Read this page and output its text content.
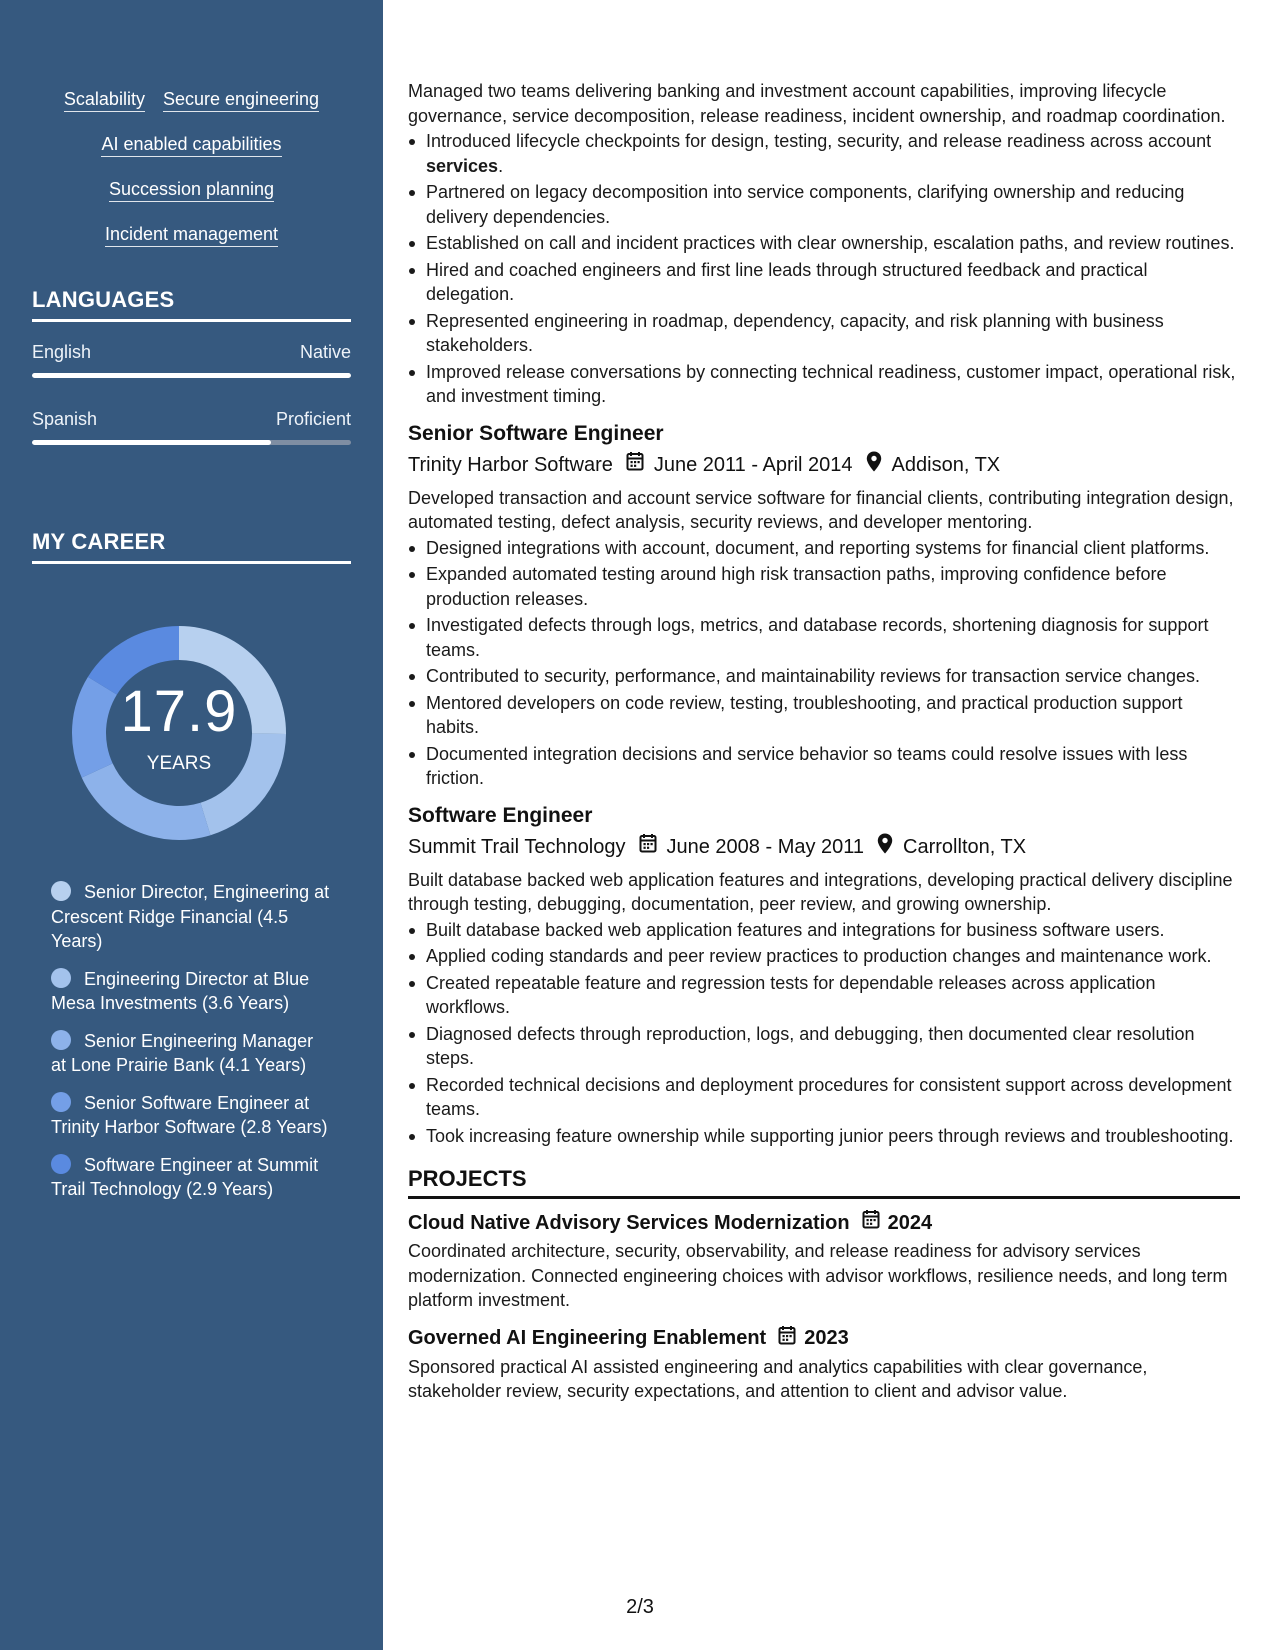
Scalability Secure engineering
AI enabled capabilities
Succession planning
Incident management
LANGUAGES
English	Native
Spanish	Proficient
MY CAREER
17.9
YEARS
Senior Director, Engineering at Crescent Ridge Financial (4.5 Years)
Engineering Director at Blue Mesa Investments (3.6 Years)
Senior Engineering Manager at Lone Prairie Bank (4.1 Years)
Senior Software Engineer at Trinity Harbor Software (2.8 Years)
Software Engineer at Summit Trail Technology (2.9 Years)
Managed two teams delivering banking and investment account capabilities, improving lifecycle governance, service decomposition, release readiness, incident ownership, and roadmap coordination.
Introduced lifecycle checkpoints for design, testing, security, and release readiness across account services.
Partnered on legacy decomposition into service components, clarifying ownership and reducing delivery dependencies.
Established on call and incident practices with clear ownership, escalation paths, and review routines.
Hired and coached engineers and first line leads through structured feedback and practical delegation.
Represented engineering in roadmap, dependency, capacity, and risk planning with business stakeholders.
Improved release conversations by connecting technical readiness, customer impact, operational risk, and investment timing.
Senior Software Engineer
Trinity Harbor Software June 2011 - April 2014 Addison, TX
Developed transaction and account service software for financial clients, contributing integration design, automated testing, defect analysis, security reviews, and developer mentoring.
Designed integrations with account, document, and reporting systems for financial client platforms.
Expanded automated testing around high risk transaction paths, improving confidence before production releases.
Investigated defects through logs, metrics, and database records, shortening diagnosis for support teams.
Contributed to security, performance, and maintainability reviews for transaction service changes.
Mentored developers on code review, testing, troubleshooting, and practical production support habits.
Documented integration decisions and service behavior so teams could resolve issues with less friction.
Software Engineer
Summit Trail Technology June 2008 - May 2011 Carrollton, TX
Built database backed web application features and integrations, developing practical delivery discipline through testing, debugging, documentation, peer review, and growing ownership.
Built database backed web application features and integrations for business software users.
Applied coding standards and peer review practices to production changes and maintenance work.
Created repeatable feature and regression tests for dependable releases across application workflows.
Diagnosed defects through reproduction, logs, and debugging, then documented clear resolution steps.
Recorded technical decisions and deployment procedures for consistent support across development teams.
Took increasing feature ownership while supporting junior peers through reviews and troubleshooting.
PROJECTS
Cloud Native Advisory Services Modernization 2024
Coordinated architecture, security, observability, and release readiness for advisory services modernization. Connected engineering choices with advisor workflows, resilience needs, and long term platform investment.
Governed AI Engineering Enablement 2023
Sponsored practical AI assisted engineering and analytics capabilities with clear governance, stakeholder review, security expectations, and attention to client and advisor value.
2/3
